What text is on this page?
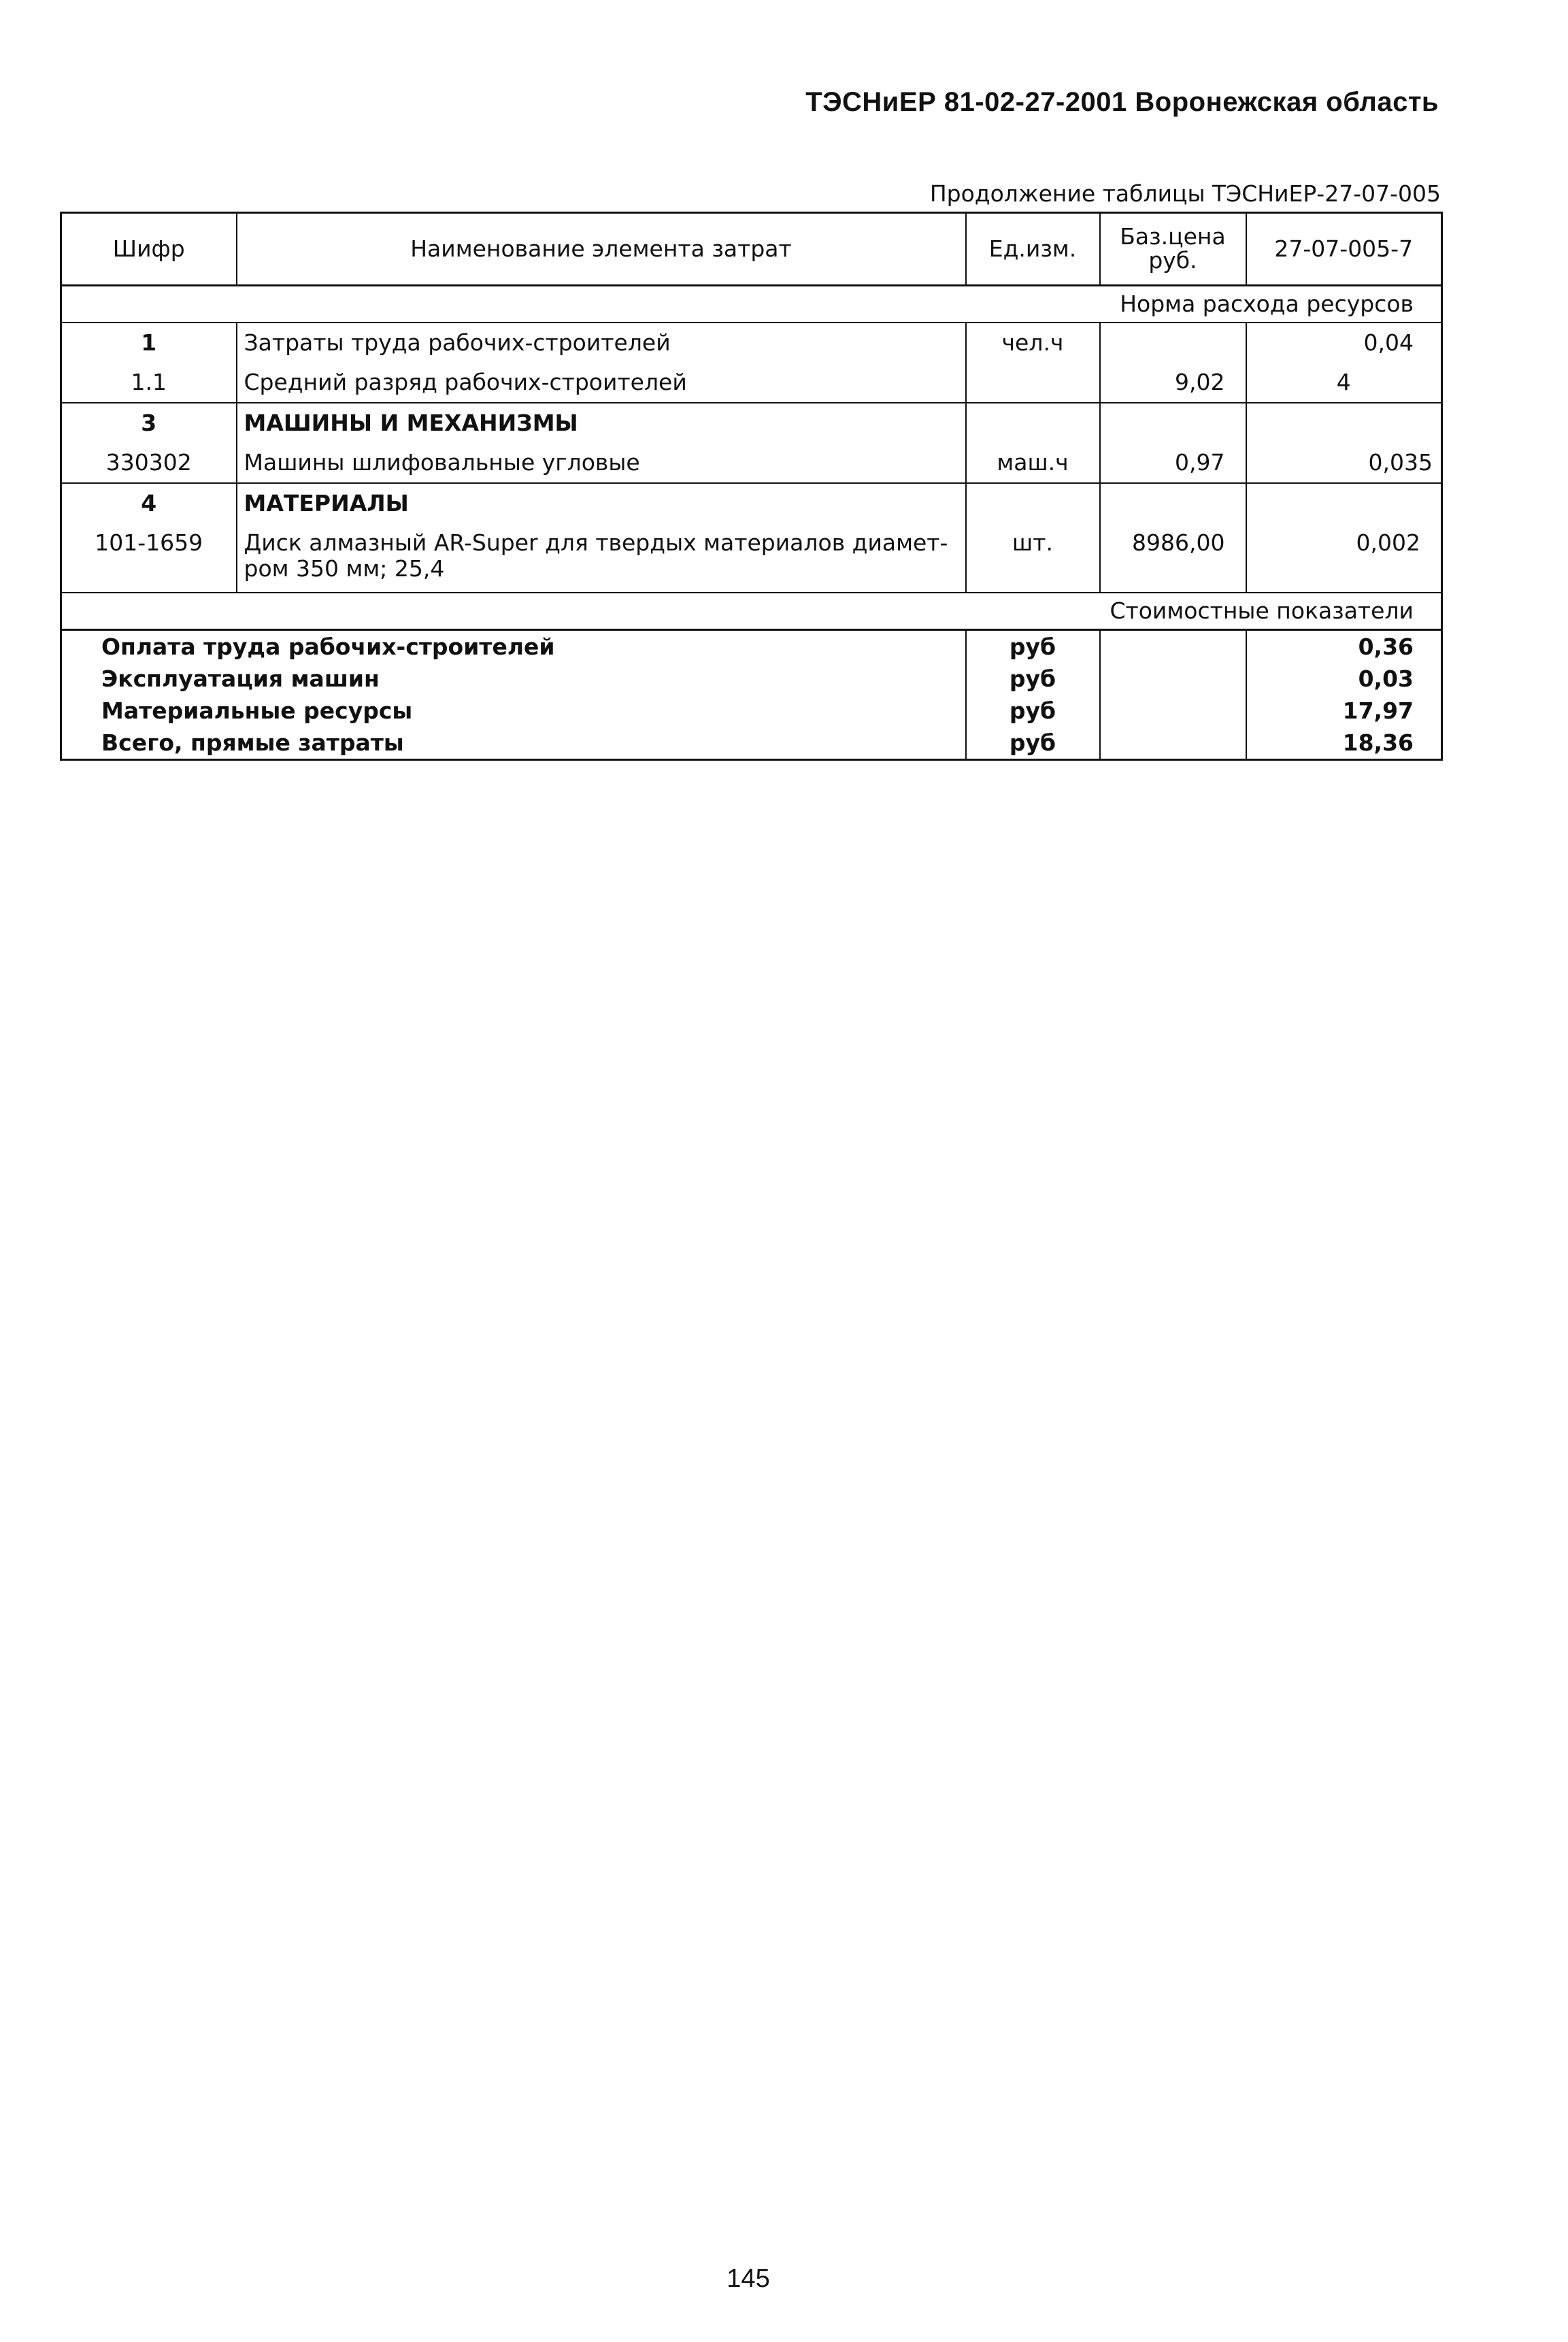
ТЭСНиЕР 81-02-27-2001 Воронежская область
Продолжение таблицы ТЭСНиЕР-27-07-005
Шифр	Наименование элемента затрат	Ед.изм.	Баз.цена руб.	27-07-005-7
Норма расхода ресурсов				
1	Затраты труда рабочих-строителей	чел.ч		0,04
1.1	Средний разряд рабочих-строителей		9,02	4
3	МАШИНЫ И МЕХАНИЗМЫ			
330302	Машины шлифовальные угловые	маш.ч	0,97	0,035
4	МАТЕРИАЛЫ			
101-1659	Диск алмазный AR-Super для твердых материалов диамет-ром 350 мм; 25,4	шт.	8986,00	0,002
Стоимостные показатели				
Оплата труда рабочих-строителей		руб		0,36
Эксплуатация машин		руб		0,03
Материальные ресурсы		руб		17,97
Всего, прямые затраты		руб		18,36
145
